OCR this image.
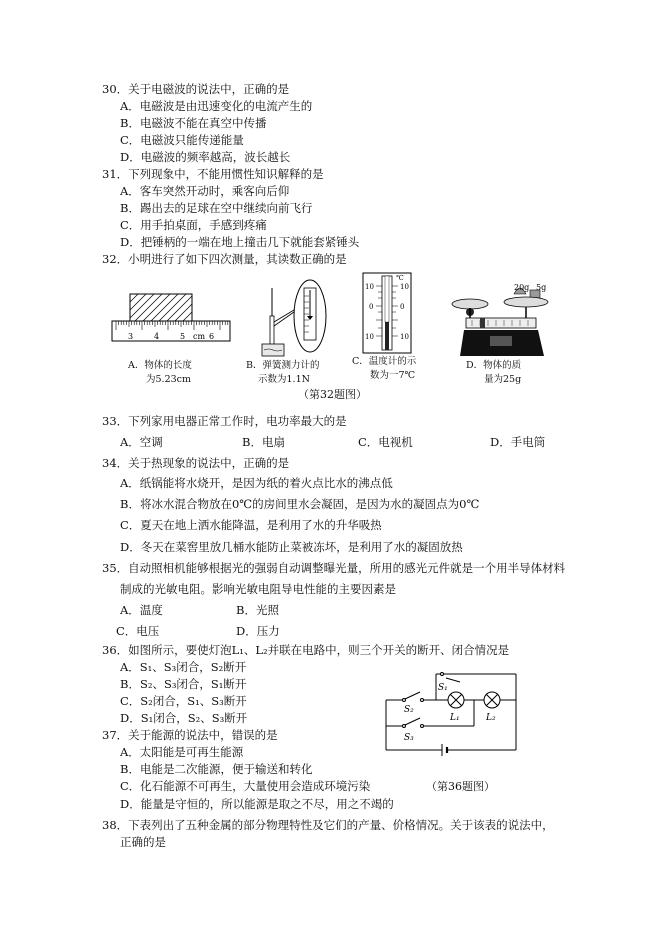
30．关于电磁波的说法中，正确的是
A．电磁波是由迅速变化的电流产生的
B．电磁波不能在真空中传播
C．电磁波只能传递能量
D．电磁波的频率越高，波长越长
31．下列现象中，不能用惯性知识解释的是
A．客车突然开动时，乘客向后仰
B．踢出去的足球在空中继续向前飞行
C．用手拍桌面，手感到疼痛
D．把锤柄的一端在地上撞击几下就能套紧锤头
32．小明进行了如下四次测量，其读数正确的是
3	4	5 cm 6
A．物体的长度
为5.23cm
B．弹簧测力计的
示数为1.1N
℃
10	10
0	0
10	10
C．温度计的示
数为一7℃
20g 5g
D．物体的质
量为25g
（第32题图）
33．下列家用电器正常工作时，电功率最大的是
A．空调	B．电扇	C．电视机	D．手电筒
34．关于热现象的说法中，正确的是
A．纸锅能将水烧开，是因为纸的着火点比水的沸点低
B．将冰水混合物放在0℃的房间里水会凝固，是因为水的凝固点为0℃
C．夏天在地上洒水能降温，是利用了水的升华吸热
D．冬天在菜窖里放几桶水能防止菜被冻坏，是利用了水的凝固放热
35．自动照相机能够根据光的强弱自动调整曝光量，所用的感光元件就是一个用半导体材料
制成的光敏电阻。影响光敏电阻导电性能的主要因素是
A．温度	B．光照
C．电压	D．压力
36．如图所示，要使灯泡L₁、L₂并联在电路中，则三个开关的断开、闭合情况是
A．S₁、S₃闭合，S₂断开
B．S₂、S₃闭合，S₁断开
C．S₂闭合，S₁、S₃断开
D．S₁闭合，S₂、S₃断开
S₁
S₂
S₃
L₁	L₂
（第36题图）
37．关于能源的说法中，错误的是
A．太阳能是可再生能源
B．电能是二次能源，便于输送和转化
C．化石能源不可再生，大量使用会造成环境污染
D．能量是守恒的，所以能源是取之不尽，用之不竭的
38．下表列出了五种金属的部分物理特性及它们的产量、价格情况。关于该表的说法中，
正确的是
